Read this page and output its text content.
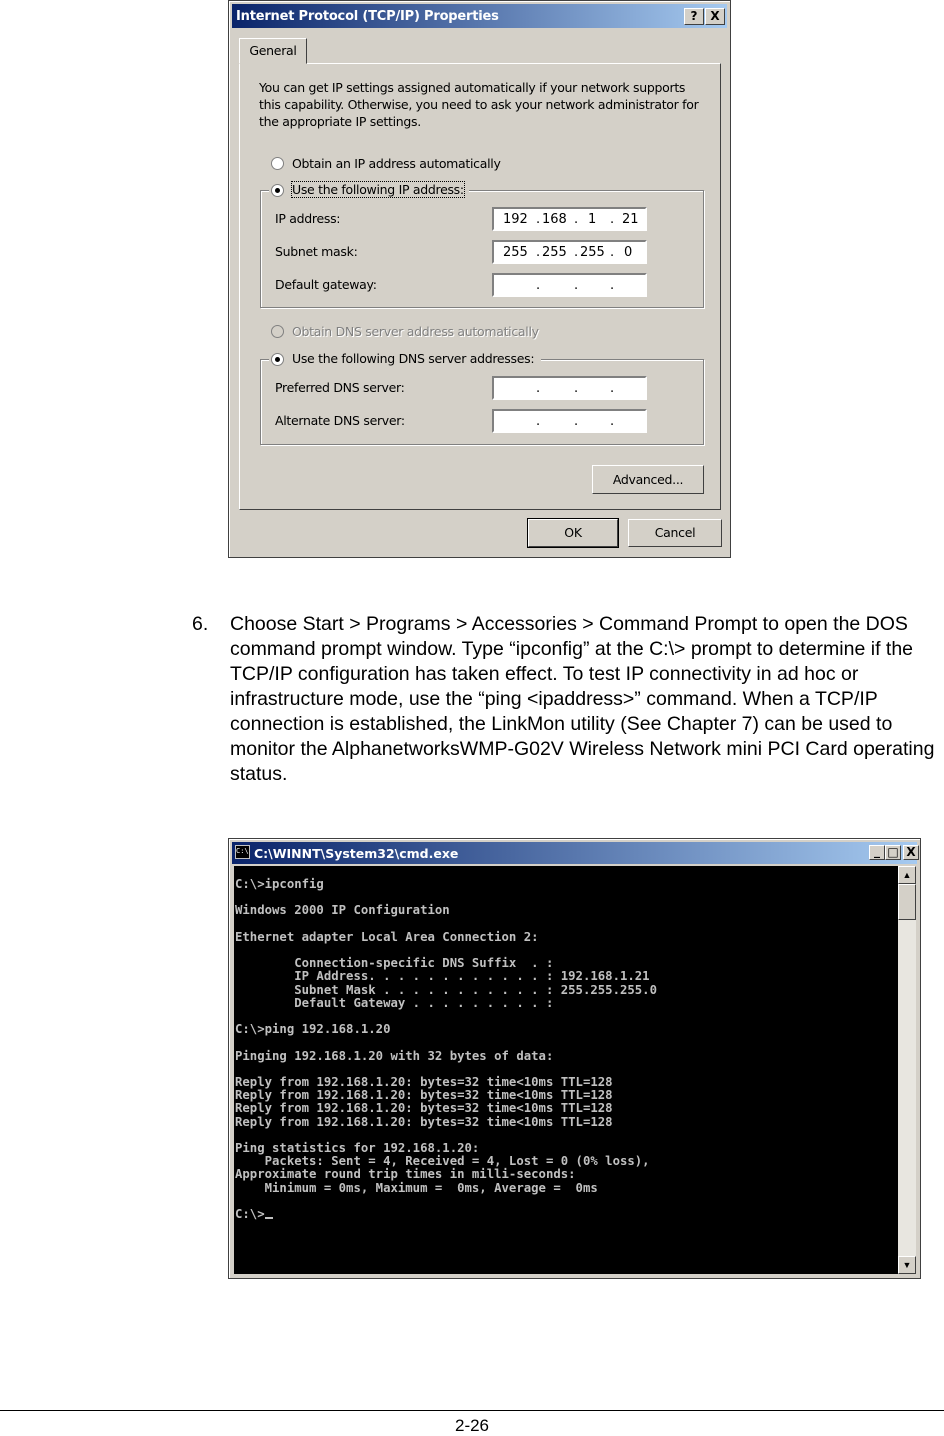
Internet Protocol (TCP/IP) Properties	?	X
General
You can get IP settings assigned automatically if your network supports
this capability. Otherwise, you need to ask your network administrator for
the appropriate IP settings.
Obtain an IP address automatically
Use the following IP address:
IP address:	192 . 168 . 1 . 21
Subnet mask:	255 . 255 . 255 . 0
Default gateway:	.	. .
Obtain DNS server address automatically
Use the following DNS server addresses:
Preferred DNS server:	.	. .
Alternate DNS server:	.	. .
Advanced...
OK	Cancel
6. Choose Start > Programs > Accessories > Command Prompt to open the DOS command prompt window. Type “ipconfig” at the C:\> prompt to determine if the TCP/IP configuration has taken effect. To test IP connectivity in ad hoc or infrastructure mode, use the “ping <ipaddress>” command. When a TCP/IP connection is established, the LinkMon utility (See Chapter 7) can be used to monitor the AlphanetworksWMP-G02V Wireless Network mini PCI Card operating status.
C:\ C:\WINNT\System32\cmd.exe	_ □ X
C:\>ipconfig

Windows 2000 IP Configuration

Ethernet adapter Local Area Connection 2:

Connection-specific DNS Suffix  . :
IP Address. . . . . . . . . . . . : 192.168.1.21
Subnet Mask . . . . . . . . . . . : 255.255.255.0
Default Gateway . . . . . . . . . :

C:\>ping 192.168.1.20

Pinging 192.168.1.20 with 32 bytes of data:

Reply from 192.168.1.20: bytes=32 time<10ms TTL=128
Reply from 192.168.1.20: bytes=32 time<10ms TTL=128
Reply from 192.168.1.20: bytes=32 time<10ms TTL=128
Reply from 192.168.1.20: bytes=32 time<10ms TTL=128

Ping statistics for 192.168.1.20:
Packets: Sent = 4, Received = 4, Lost = 0 (0% loss),
Approximate round trip times in milli-seconds:
Minimum = 0ms, Maximum =  0ms, Average =  0ms

C:\>
▲
▼
2-26
